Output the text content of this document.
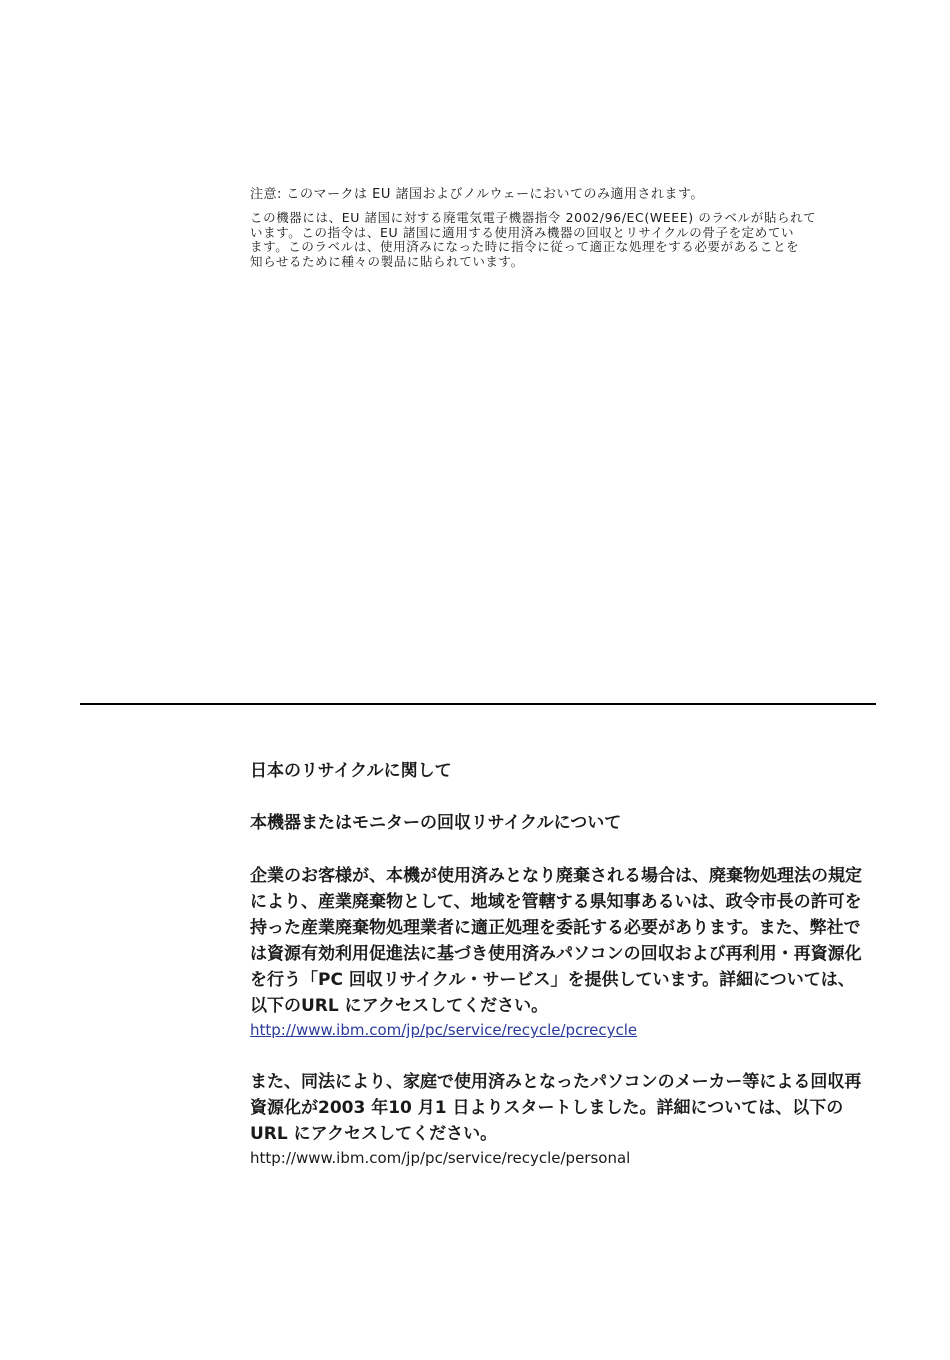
注意: このマークは EU 諸国およびノルウェーにおいてのみ適用されます。

この機器には、EU 諸国に対する廃電気電子機器指令 2002/96/EC(WEEE) のラベルが貼られて
います。この指令は、EU 諸国に適用する使用済み機器の回収とリサイクルの骨子を定めてい
ます。このラベルは、使用済みになった時に指令に従って適正な処理をする必要があることを
知らせるために種々の製品に貼られています。

日本のリサイクルに関して
本機器またはモニターの回収リサイクルについて
企業のお客様が、本機が使用済みとなり廃棄される場合は、廃棄物処理法の規定
により、産業廃棄物として、地域を管轄する県知事あるいは、政令市長の許可を
持った産業廃棄物処理業者に適正処理を委託する必要があります。また、弊社で
は資源有効利用促進法に基づき使用済みパソコンの回収および再利用・再資源化
を行う「PC 回収リサイクル・サービス」を提供しています。詳細については、
以下のURL にアクセスしてください。
http://www.ibm.com/jp/pc/service/recycle/pcrecycle
また、同法により、家庭で使用済みとなったパソコンのメーカー等による回収再
資源化が2003 年10 月1 日よりスタートしました。詳細については、以下の
URL にアクセスしてください。
http://www.ibm.com/jp/pc/service/recycle/personal
